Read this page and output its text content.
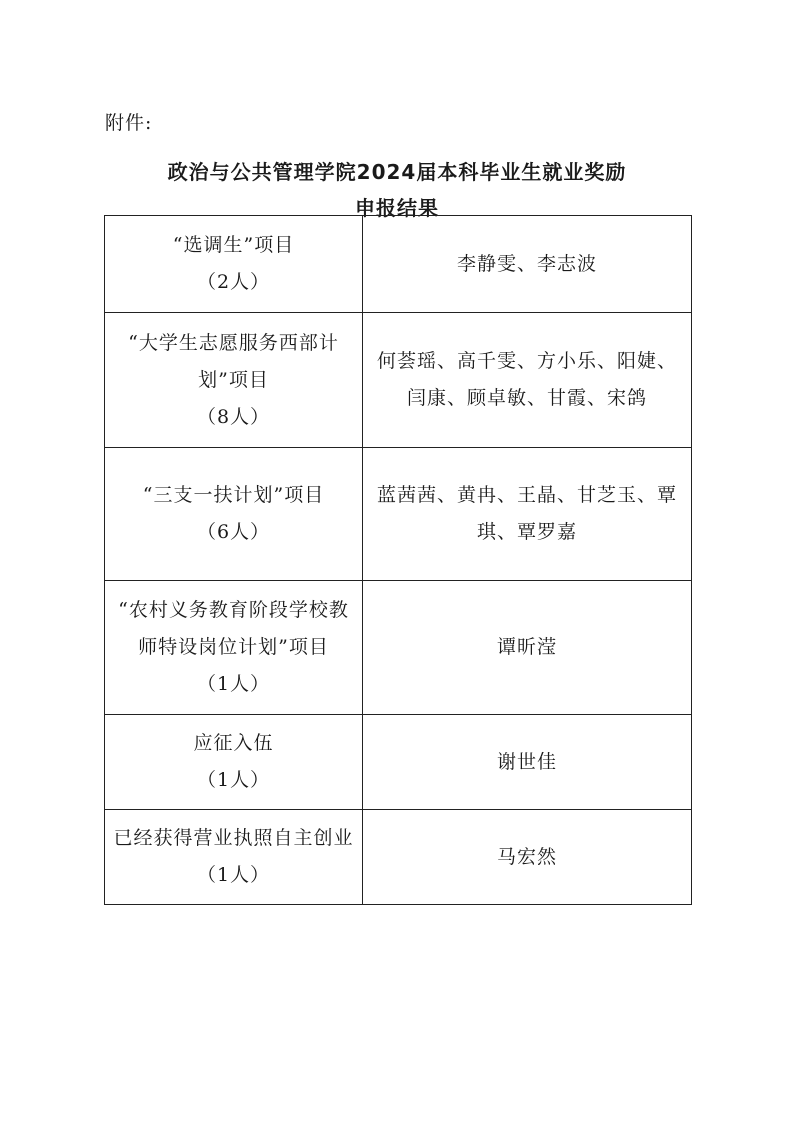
附件:
政治与公共管理学院2024届本科毕业生就业奖励
申报结果
“选调生”项目
（2人）	李静雯、李志波

“大学生志愿服务西部计
划”项目
（8人）	何荟瑶、高千雯、方小乐、阳婕、
闫康、顾卓敏、甘霞、宋鸽

“三支一扶计划”项目
（6人）	蓝茜茜、黄冉、王晶、甘芝玉、覃
琪、覃罗嘉

“农村义务教育阶段学校教
师特设岗位计划”项目
（1人）	谭昕滢

应征入伍
（1人）	谢世佳

已经获得营业执照自主创业
（1人）	马宏然
